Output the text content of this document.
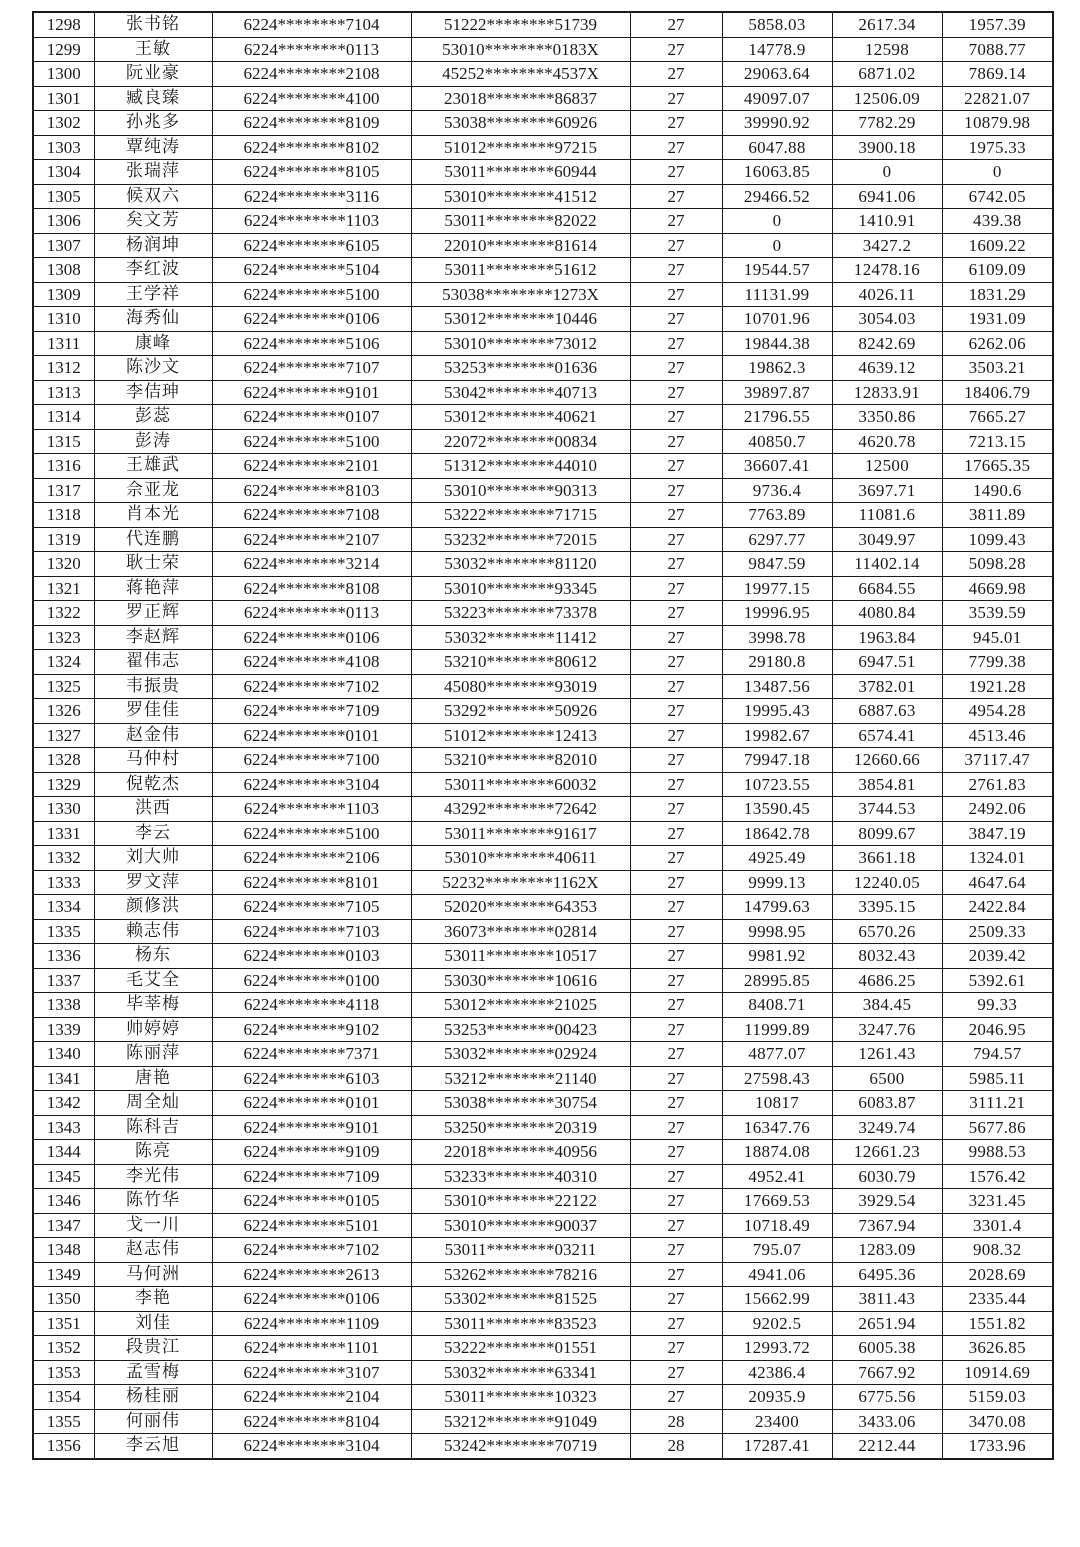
1298	张书铭	6224********7104	51222********51739	27	5858.03	2617.34	1957.39
1299	王敏	6224********0113	53010********0183X	27	14778.9	12598	7088.77
1300	阮业豪	6224********2108	45252********4537X	27	29063.64	6871.02	7869.14
1301	臧良臻	6224********4100	23018********86837	27	49097.07	12506.09	22821.07
1302	孙兆多	6224********8109	53038********60926	27	39990.92	7782.29	10879.98
1303	覃纯涛	6224********8102	51012********97215	27	6047.88	3900.18	1975.33
1304	张瑞萍	6224********8105	53011********60944	27	16063.85	0	0
1305	候双六	6224********3116	53010********41512	27	29466.52	6941.06	6742.05
1306	矣文芳	6224********1103	53011********82022	27	0	1410.91	439.38
1307	杨润坤	6224********6105	22010********81614	27	0	3427.2	1609.22
1308	李红波	6224********5104	53011********51612	27	19544.57	12478.16	6109.09
1309	王学祥	6224********5100	53038********1273X	27	11131.99	4026.11	1831.29
1310	海秀仙	6224********0106	53012********10446	27	10701.96	3054.03	1931.09
1311	康峰	6224********5106	53010********73012	27	19844.38	8242.69	6262.06
1312	陈沙文	6224********7107	53253********01636	27	19862.3	4639.12	3503.21
1313	李佶珅	6224********9101	53042********40713	27	39897.87	12833.91	18406.79
1314	彭蕊	6224********0107	53012********40621	27	21796.55	3350.86	7665.27
1315	彭涛	6224********5100	22072********00834	27	40850.7	4620.78	7213.15
1316	王雄武	6224********2101	51312********44010	27	36607.41	12500	17665.35
1317	佘亚龙	6224********8103	53010********90313	27	9736.4	3697.71	1490.6
1318	肖本光	6224********7108	53222********71715	27	7763.89	11081.6	3811.89
1319	代连鹏	6224********2107	53232********72015	27	6297.77	3049.97	1099.43
1320	耿士荣	6224********3214	53032********81120	27	9847.59	11402.14	5098.28
1321	蒋艳萍	6224********8108	53010********93345	27	19977.15	6684.55	4669.98
1322	罗正辉	6224********0113	53223********73378	27	19996.95	4080.84	3539.59
1323	李赵辉	6224********0106	53032********11412	27	3998.78	1963.84	945.01
1324	翟伟志	6224********4108	53210********80612	27	29180.8	6947.51	7799.38
1325	韦振贵	6224********7102	45080********93019	27	13487.56	3782.01	1921.28
1326	罗佳佳	6224********7109	53292********50926	27	19995.43	6887.63	4954.28
1327	赵金伟	6224********0101	51012********12413	27	19982.67	6574.41	4513.46
1328	马仲村	6224********7100	53210********82010	27	79947.18	12660.66	37117.47
1329	倪乾杰	6224********3104	53011********60032	27	10723.55	3854.81	2761.83
1330	洪西	6224********1103	43292********72642	27	13590.45	3744.53	2492.06
1331	李云	6224********5100	53011********91617	27	18642.78	8099.67	3847.19
1332	刘大帅	6224********2106	53010********40611	27	4925.49	3661.18	1324.01
1333	罗文萍	6224********8101	52232********1162X	27	9999.13	12240.05	4647.64
1334	颜修洪	6224********7105	52020********64353	27	14799.63	3395.15	2422.84
1335	赖志伟	6224********7103	36073********02814	27	9998.95	6570.26	2509.33
1336	杨东	6224********0103	53011********10517	27	9981.92	8032.43	2039.42
1337	毛艾全	6224********0100	53030********10616	27	28995.85	4686.25	5392.61
1338	毕莘梅	6224********4118	53012********21025	27	8408.71	384.45	99.33
1339	帅婷婷	6224********9102	53253********00423	27	11999.89	3247.76	2046.95
1340	陈丽萍	6224********7371	53032********02924	27	4877.07	1261.43	794.57
1341	唐艳	6224********6103	53212********21140	27	27598.43	6500	5985.11
1342	周全灿	6224********0101	53038********30754	27	10817	6083.87	3111.21
1343	陈科吉	6224********9101	53250********20319	27	16347.76	3249.74	5677.86
1344	陈亮	6224********9109	22018********40956	27	18874.08	12661.23	9988.53
1345	李光伟	6224********7109	53233********40310	27	4952.41	6030.79	1576.42
1346	陈竹华	6224********0105	53010********22122	27	17669.53	3929.54	3231.45
1347	戈一川	6224********5101	53010********90037	27	10718.49	7367.94	3301.4
1348	赵志伟	6224********7102	53011********03211	27	795.07	1283.09	908.32
1349	马何洲	6224********2613	53262********78216	27	4941.06	6495.36	2028.69
1350	李艳	6224********0106	53302********81525	27	15662.99	3811.43	2335.44
1351	刘佳	6224********1109	53011********83523	27	9202.5	2651.94	1551.82
1352	段贵江	6224********1101	53222********01551	27	12993.72	6005.38	3626.85
1353	孟雪梅	6224********3107	53032********63341	27	42386.4	7667.92	10914.69
1354	杨桂丽	6224********2104	53011********10323	27	20935.9	6775.56	5159.03
1355	何丽伟	6224********8104	53212********91049	28	23400	3433.06	3470.08
1356	李云旭	6224********3104	53242********70719	28	17287.41	2212.44	1733.96
